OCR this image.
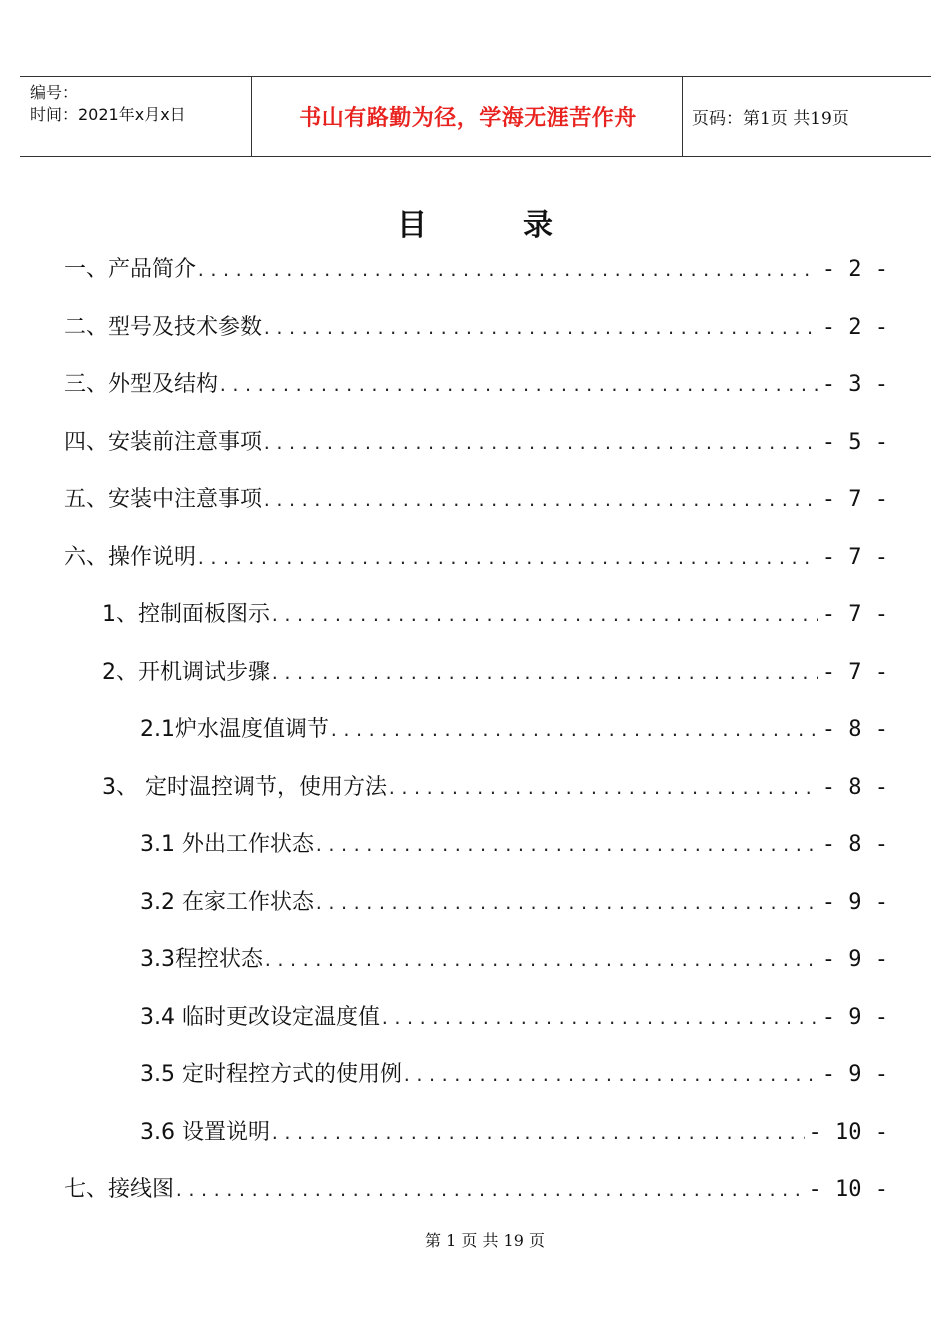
编号：
时间：2021年x月x日	书山有路勤为径，学海无涯苦作舟	页码：第1页 共19页
目录
一、产品简介 .....	- 2 -
二、型号及技术参数 .....	- 2 -
三、外型及结构 .....	- 3 -
四、安装前注意事项 .....	- 5 -
五、安装中注意事项 .....	- 7 -
六、操作说明 .....	- 7 -
1、控制面板图示 .....	- 7 -
2、开机调试步骤 .....	- 7 -
2.1炉水温度值调节 .....	- 8 -
3、 定时温控调节，使用方法 .....	- 8 -
3.1 外出工作状态 .....	- 8 -
3.2 在家工作状态 .....	- 9 -
3.3程控状态 .....	- 9 -
3.4 临时更改设定温度值 .....	- 9 -
3.5 定时程控方式的使用例 .....	- 9 -
3.6 设置说明 .....	- 10 -
七、接线图 .....	- 10 -
第 1 页 共 19 页
